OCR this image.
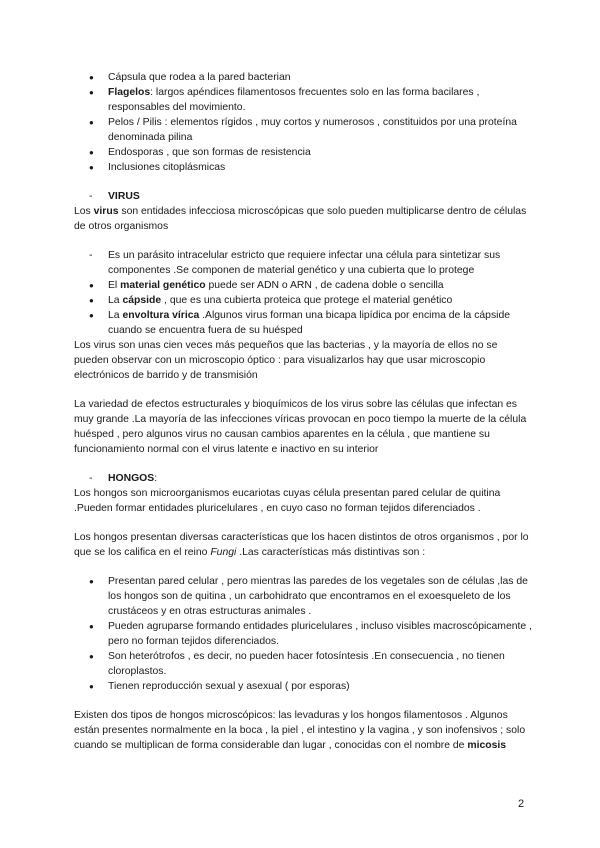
●
Cápsula que rodea a la pared bacterian
●
Flagelos: largos apéndices filamentosos frecuentes solo en las forma bacilares , responsables del movimiento.
●
Pelos / Pilis : elementos rígidos , muy cortos y numerosos , constituidos por una proteína denominada pilina
●
Endosporas , que son formas de resistencia
●
Inclusiones citoplásmicas
- VIRUS

Los virus son entidades infecciosa microscópicas que solo pueden multiplicarse dentro de células de otros organismos

-
Es un parásito intracelular estricto que requiere infectar una célula para sintetizar sus componentes .Se componen de material genético y una cubierta que lo protege
●
El material genético puede ser ADN o ARN , de cadena doble o sencilla
●
La cápside , que es una cubierta proteica que protege el material genético
●
La envoltura vírica .Algunos virus forman una bicapa lipídica por encima de la cápside cuando se encuentra fuera de su huésped

Los virus son unas cien veces más pequeños que las bacterias , y la mayoría de ellos no se pueden observar con un microscopio óptico : para visualizarlos hay que usar microscopio electrónicos de barrido y de transmisión

La variedad de efectos estructurales y bioquímicos de los virus sobre las células que infectan es muy grande .La mayoría de las infecciones víricas provocan en poco tiempo la muerte de la célula huésped , pero algunos virus no causan cambios aparentes en la célula , que mantiene su funcionamiento normal con el virus latente e inactivo en su interior

- HONGOS:

Los hongos son microorganismos eucariotas cuyas célula presentan pared celular de quitina .Pueden formar entidades pluricelulares , en cuyo caso no forman tejidos diferenciados .

Los hongos presentan diversas características que los hacen distintos de otros organismos , por lo que se los califica en el reino Fungi .Las características más distintivas son :

●
Presentan pared celular , pero mientras las paredes de los vegetales son de células ,las de los hongos son de quitina , un carbohidrato que encontramos en el exoesqueleto de los crustáceos y en otras estructuras animales .
●
Pueden agruparse formando entidades pluricelulares , incluso visibles macroscópicamente , pero no forman tejidos diferenciados.
●
Son heterótrofos , es decir, no pueden hacer fotosíntesis .En consecuencia , no tienen cloroplastos.
●
Tienen reproducción sexual y asexual ( por esporas)

Existen dos tipos de hongos microscópicos: las levaduras y los hongos filamentosos . Algunos están presentes normalmente en la boca , la piel , el intestino y la vagina , y son inofensivos ; solo cuando se multiplican de forma considerable dan lugar , conocidas con el nombre de micosis

2
